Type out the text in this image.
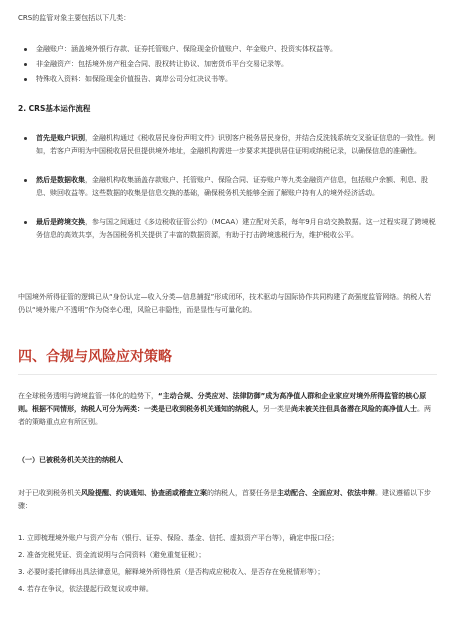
CRS的监管对象主要包括以下几类：

金融账户：涵盖境外银行存款、证券托管账户、保险现金价值账户、年金账户、投资实体权益等。
非金融资产：包括境外房产租金合同、股权转让协议、加密货币平台交易记录等。
特殊收入资料：如保险现金价值报告、离岸公司分红决议书等。

2. CRS基本运作流程

首先是账户识别，金融机构通过《税收居民身份声明文件》识别客户税务居民身份，并结合反洗钱系统交叉验证信息的一致性。例如，若客户声明为中国税收居民但提供境外地址，金融机构需进一步要求其提供居住证明或纳税记录，以确保信息的准确性。
然后是数据收集，金融机构收集涵盖存款账户、托管账户、保险合同、证券账户等九类金融资产信息，包括账户余额、利息、股息、赎回收益等。这些数据的收集是信息交换的基础，确保税务机关能够全面了解账户持有人的境外经济活动。
最后是跨境交换，参与国之间通过《多边税收征管公约》（MCAA）建立配对关系，每年9月自动交换数据。这一过程实现了跨境税务信息的高效共享，为各国税务机关提供了丰富的数据资源，有助于打击跨境逃税行为，维护税收公平。

中国境外所得征管的逻辑已从“身份认定—收入分类—信息捕捉”形成闭环，技术驱动与国际协作共同构建了高强度监管网络。纳税人若仍以“境外账户不透明”作为侥幸心理，风险已非隐性，而是显性与可量化的。

四、合规与风险应对策略

在全球税务透明与跨境监管一体化的趋势下，“主动合规、分类应对、法律防御”成为高净值人群和企业家应对境外所得监管的核心原则。根据不同情形，纳税人可分为两类：一类是已收到税务机关通知的纳税人，另一类是尚未被关注但具备潜在风险的高净值人士。两者的策略重点应有所区别。

（一）已被税务机关关注的纳税人

对于已收到税务机关风险提醒、约谈通知、协查函或稽查立案的纳税人，首要任务是主动配合、全面应对、依法申辩。建议遵循以下步骤：

1. 立即梳理境外账户与资产分布（银行、证券、保险、基金、信托、虚拟资产平台等），确定申报口径；

2. 准备完税凭证、资金流说明与合同资料（避免重复征税）；

3. 必要时委托律师出具法律意见，解释境外所得性质（是否构成应税收入、是否存在免税情形等）；

4. 若存在争议，依法提起行政复议或申辩。
